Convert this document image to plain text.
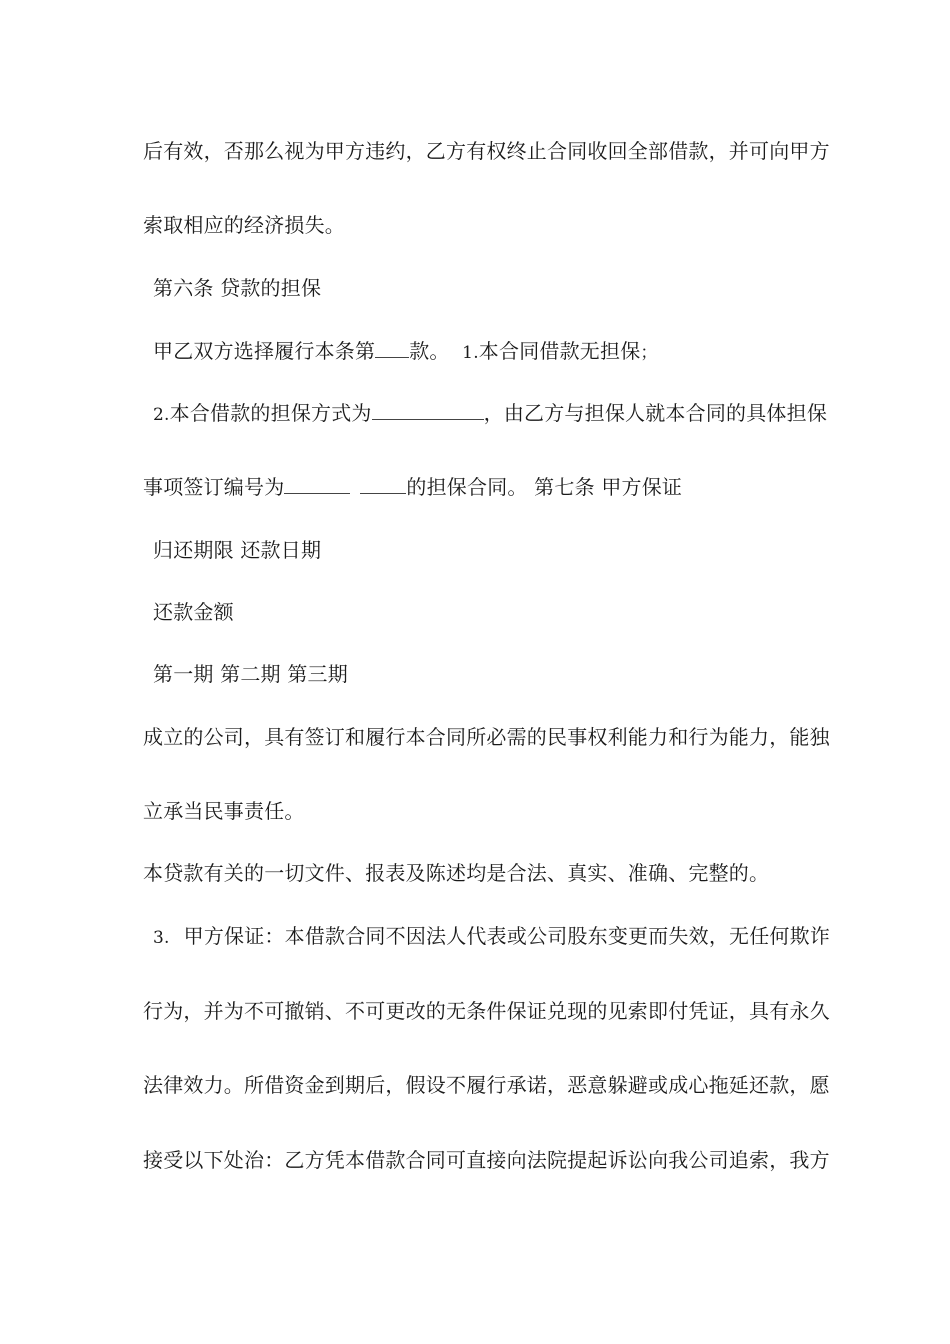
后有效，否那么视为甲方违约，乙方有权终止合同收回全部借款，并可向甲方
索取相应的经济损失。
第六条 贷款的担保
甲乙双方选择履行本条第 款。 1.本合同借款无担保；
2.本合借款的担保方式为	，由乙方与担保人就本合同的具体担保
事项签订编号为	的担保合同。 第七条 甲方保证
归还期限 还款日期
还款金额
第一期 第二期 第三期
成立的公司，具有签订和履行本合同所必需的民事权利能力和行为能力，能独
立承当民事责任。
本贷款有关的一切文件、报表及陈述均是合法、真实、准确、完整的。
3. 甲方保证：本借款合同不因法人代表或公司股东变更而失效，无任何欺诈
行为，并为不可撤销、不可更改的无条件保证兑现的见索即付凭证，具有永久
法律效力。所借资金到期后，假设不履行承诺，恶意躲避或成心拖延还款，愿
接受以下处治：乙方凭本借款合同可直接向法院提起诉讼向我公司追索，我方
